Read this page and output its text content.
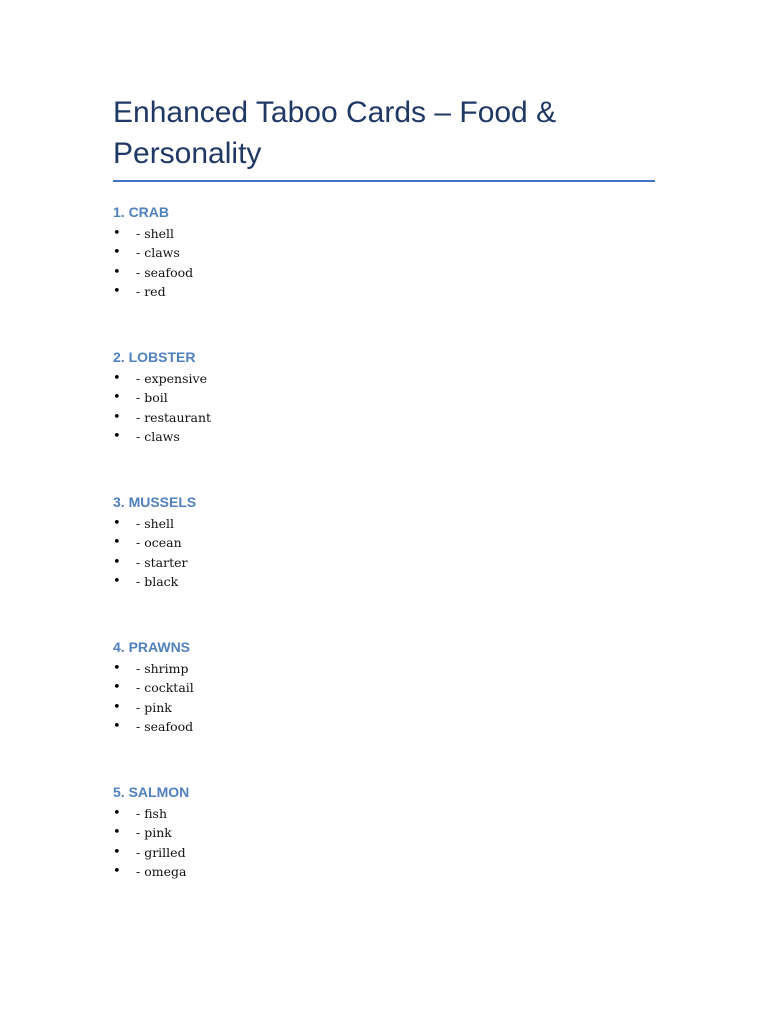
Enhanced Taboo Cards – Food & Personality
1. CRAB
• - shell
• - claws
• - seafood
• - red
2. LOBSTER
• - expensive
• - boil
• - restaurant
• - claws
3. MUSSELS
• - shell
• - ocean
• - starter
• - black
4. PRAWNS
• - shrimp
• - cocktail
• - pink
• - seafood
5. SALMON
• - fish
• - pink
• - grilled
• - omega
